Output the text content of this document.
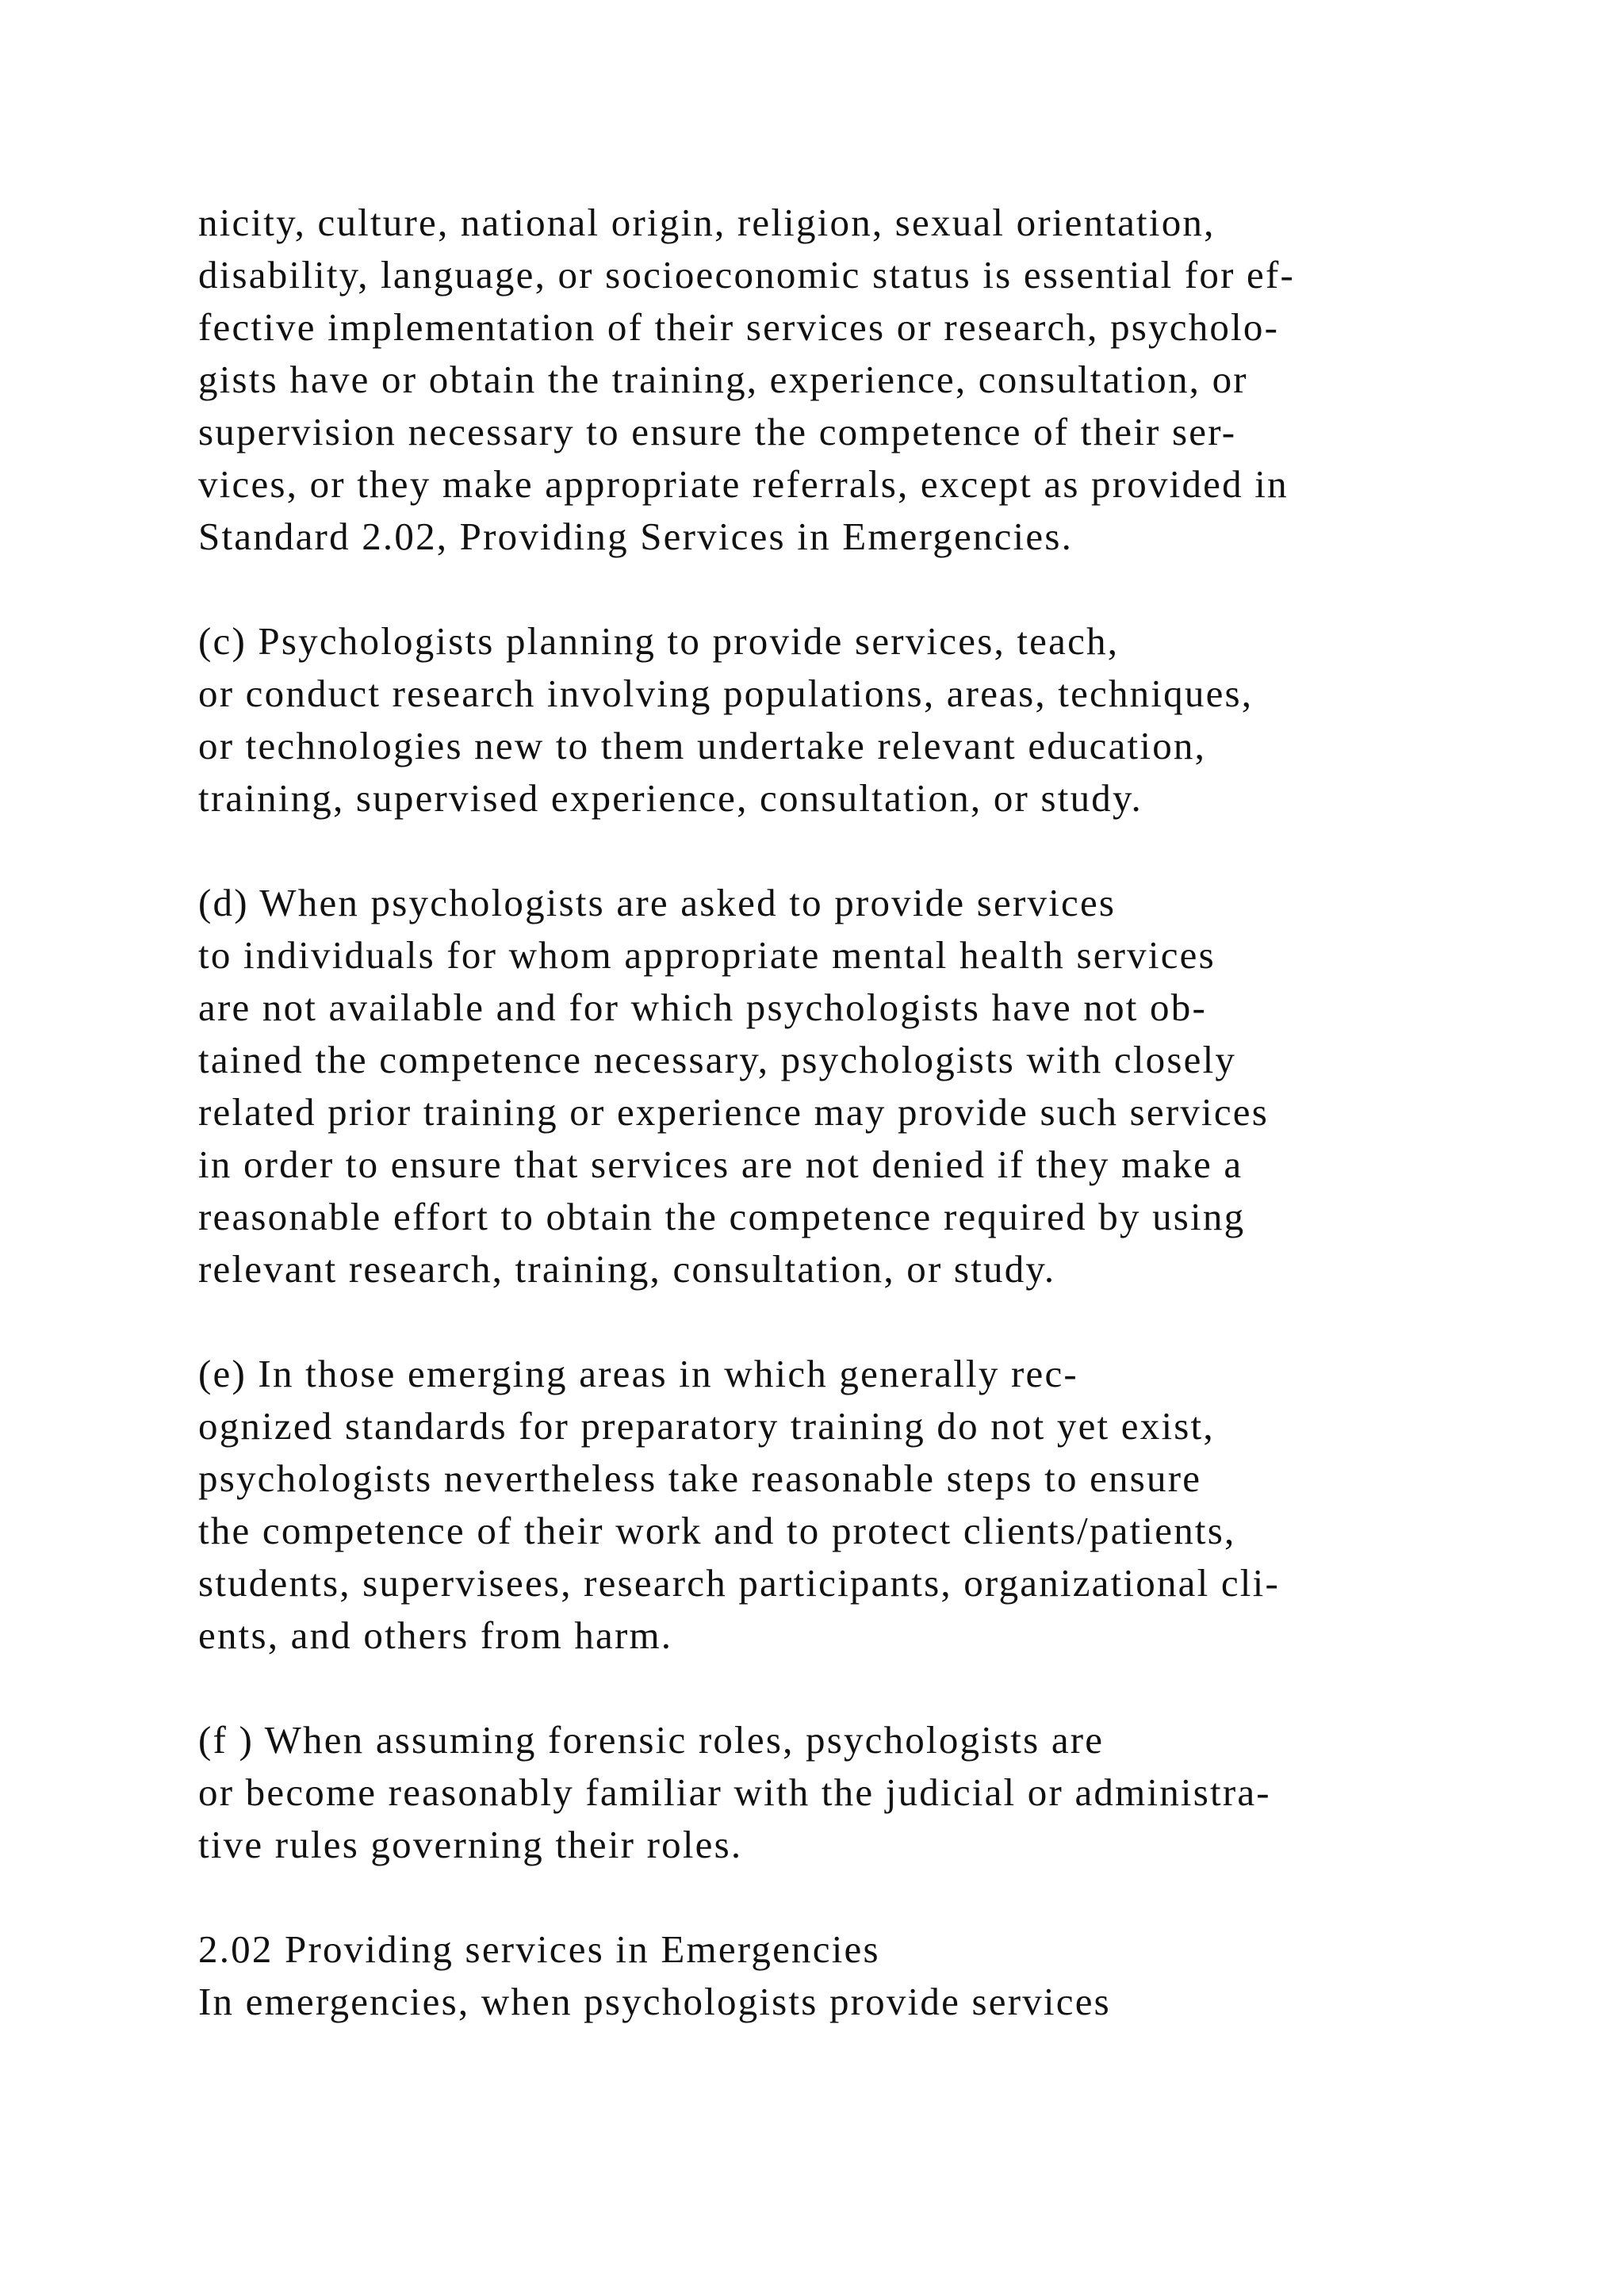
nicity, culture, national origin, religion, sexual orientation,
disability, language, or socioeconomic status is essential for ef-
fective implementation of their services or research, psycholo-
gists have or obtain the training, experience, consultation, or
supervision necessary to ensure the competence of their ser-
vices, or they make appropriate referrals, except as provided in
Standard 2.02, Providing Services in Emergencies.

(c) Psychologists planning to provide services, teach,
or conduct research involving populations, areas, techniques,
or technologies new to them undertake relevant education,
training, supervised experience, consultation, or study.

(d) When psychologists are asked to provide services
to individuals for whom appropriate mental health services
are not available and for which psychologists have not ob-
tained the competence necessary, psychologists with closely
related prior training or experience may provide such services
in order to ensure that services are not denied if they make a
reasonable effort to obtain the competence required by using
relevant research, training, consultation, or study.

(e) In those emerging areas in which generally rec-
ognized standards for preparatory training do not yet exist,
psychologists nevertheless take reasonable steps to ensure
the competence of their work and to protect clients/patients,
students, supervisees, research participants, organizational cli-
ents, and others from harm.

(f ) When assuming forensic roles, psychologists are
or become reasonably familiar with the judicial or administra-
tive rules governing their roles.

2.02 Providing services in Emergencies
In emergencies, when psychologists provide services
